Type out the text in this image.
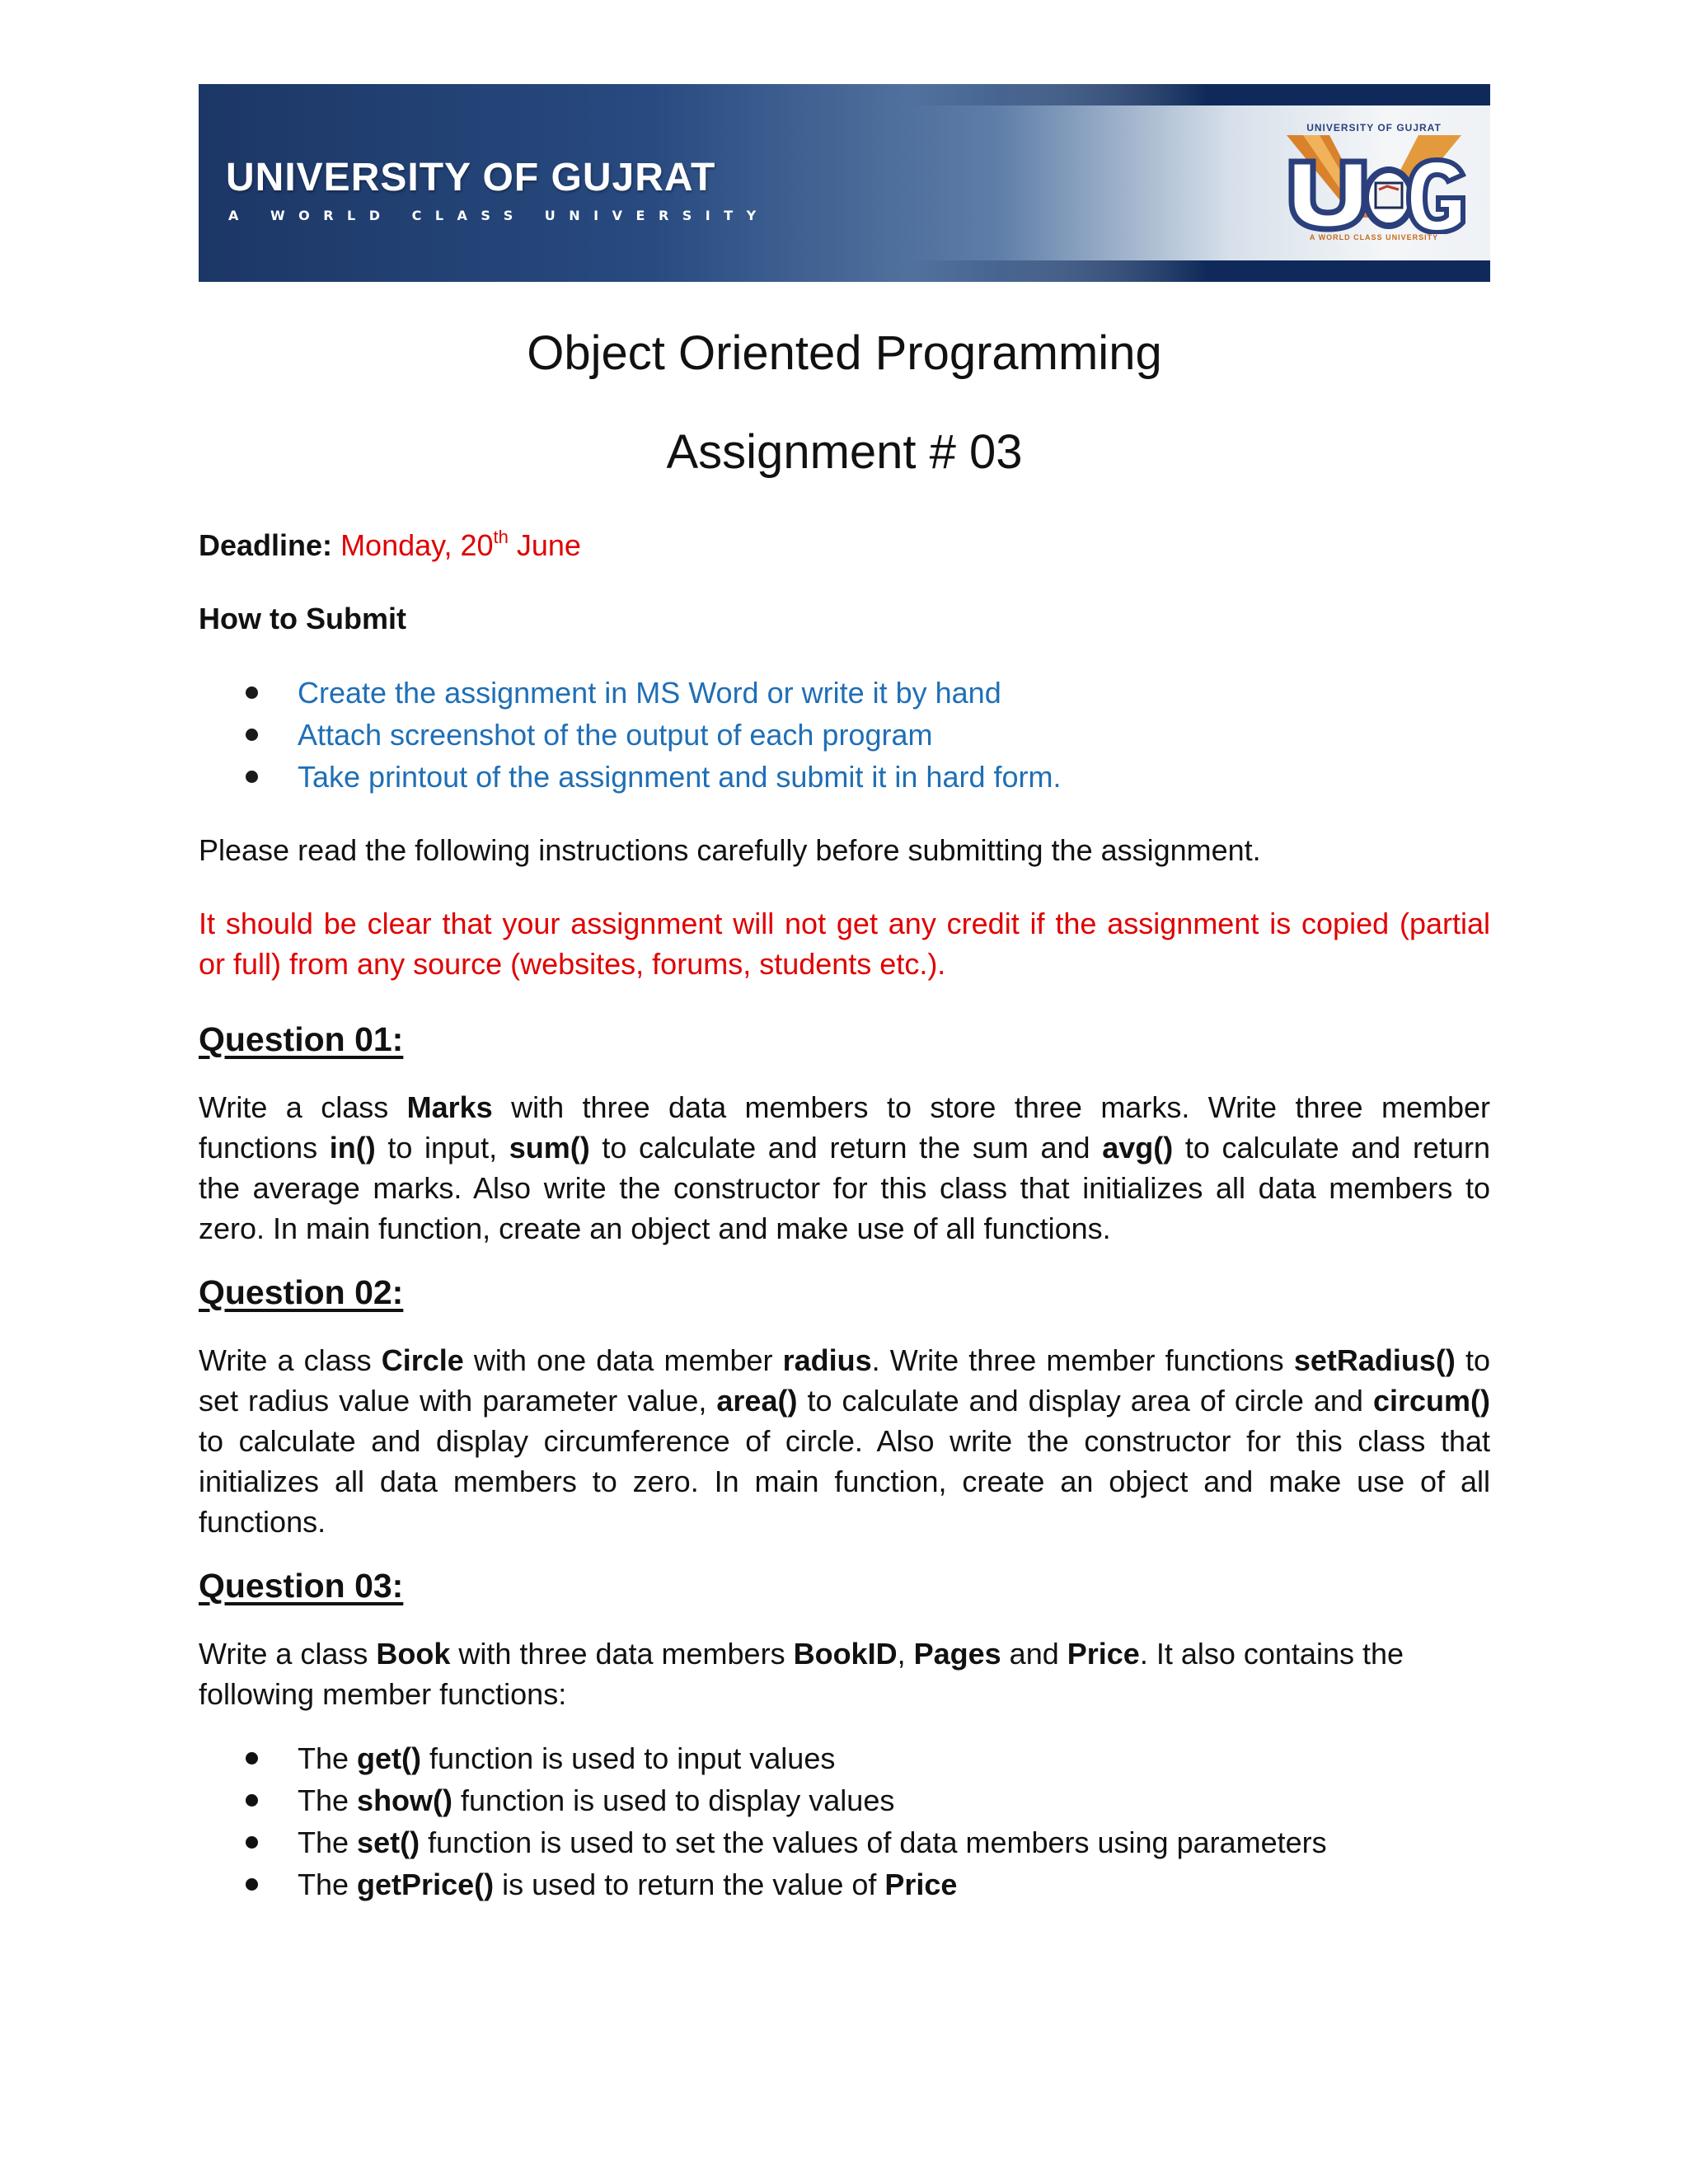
UNIVERSITY OF GUJRAT
A WORLD CLASS UNIVERSITY
UNIVERSITY OF GUJRAT
A WORLD CLASS UNIVERSITY
Object Oriented Programming
Assignment # 03
Deadline: Monday, 20th June
How to Submit
Create the assignment in MS Word or write it by hand
Attach screenshot of the output of each program
Take printout of the assignment and submit it in hard form.
Please read the following instructions carefully before submitting the assignment.
It should be clear that your assignment will not get any credit if the assignment is copied (partial
or full) from any source (websites, forums, students etc.).
Question 01:
Write a class Marks with three data members to store three marks. Write three member
functions in() to input, sum() to calculate and return the sum and avg() to calculate and return
the average marks. Also write the constructor for this class that initializes all data members to
zero. In main function, create an object and make use of all functions.
Question 02:
Write a class Circle with one data member radius. Write three member functions setRadius() to
set radius value with parameter value, area() to calculate and display area of circle and circum()
to calculate and display circumference of circle. Also write the constructor for this class that
initializes all data members to zero. In main function, create an object and make use of all
functions.
Question 03:
Write a class Book with three data members BookID, Pages and Price. It also contains the
following member functions:
The get() function is used to input values
The show() function is used to display values
The set() function is used to set the values of data members using parameters
The getPrice() is used to return the value of Price
